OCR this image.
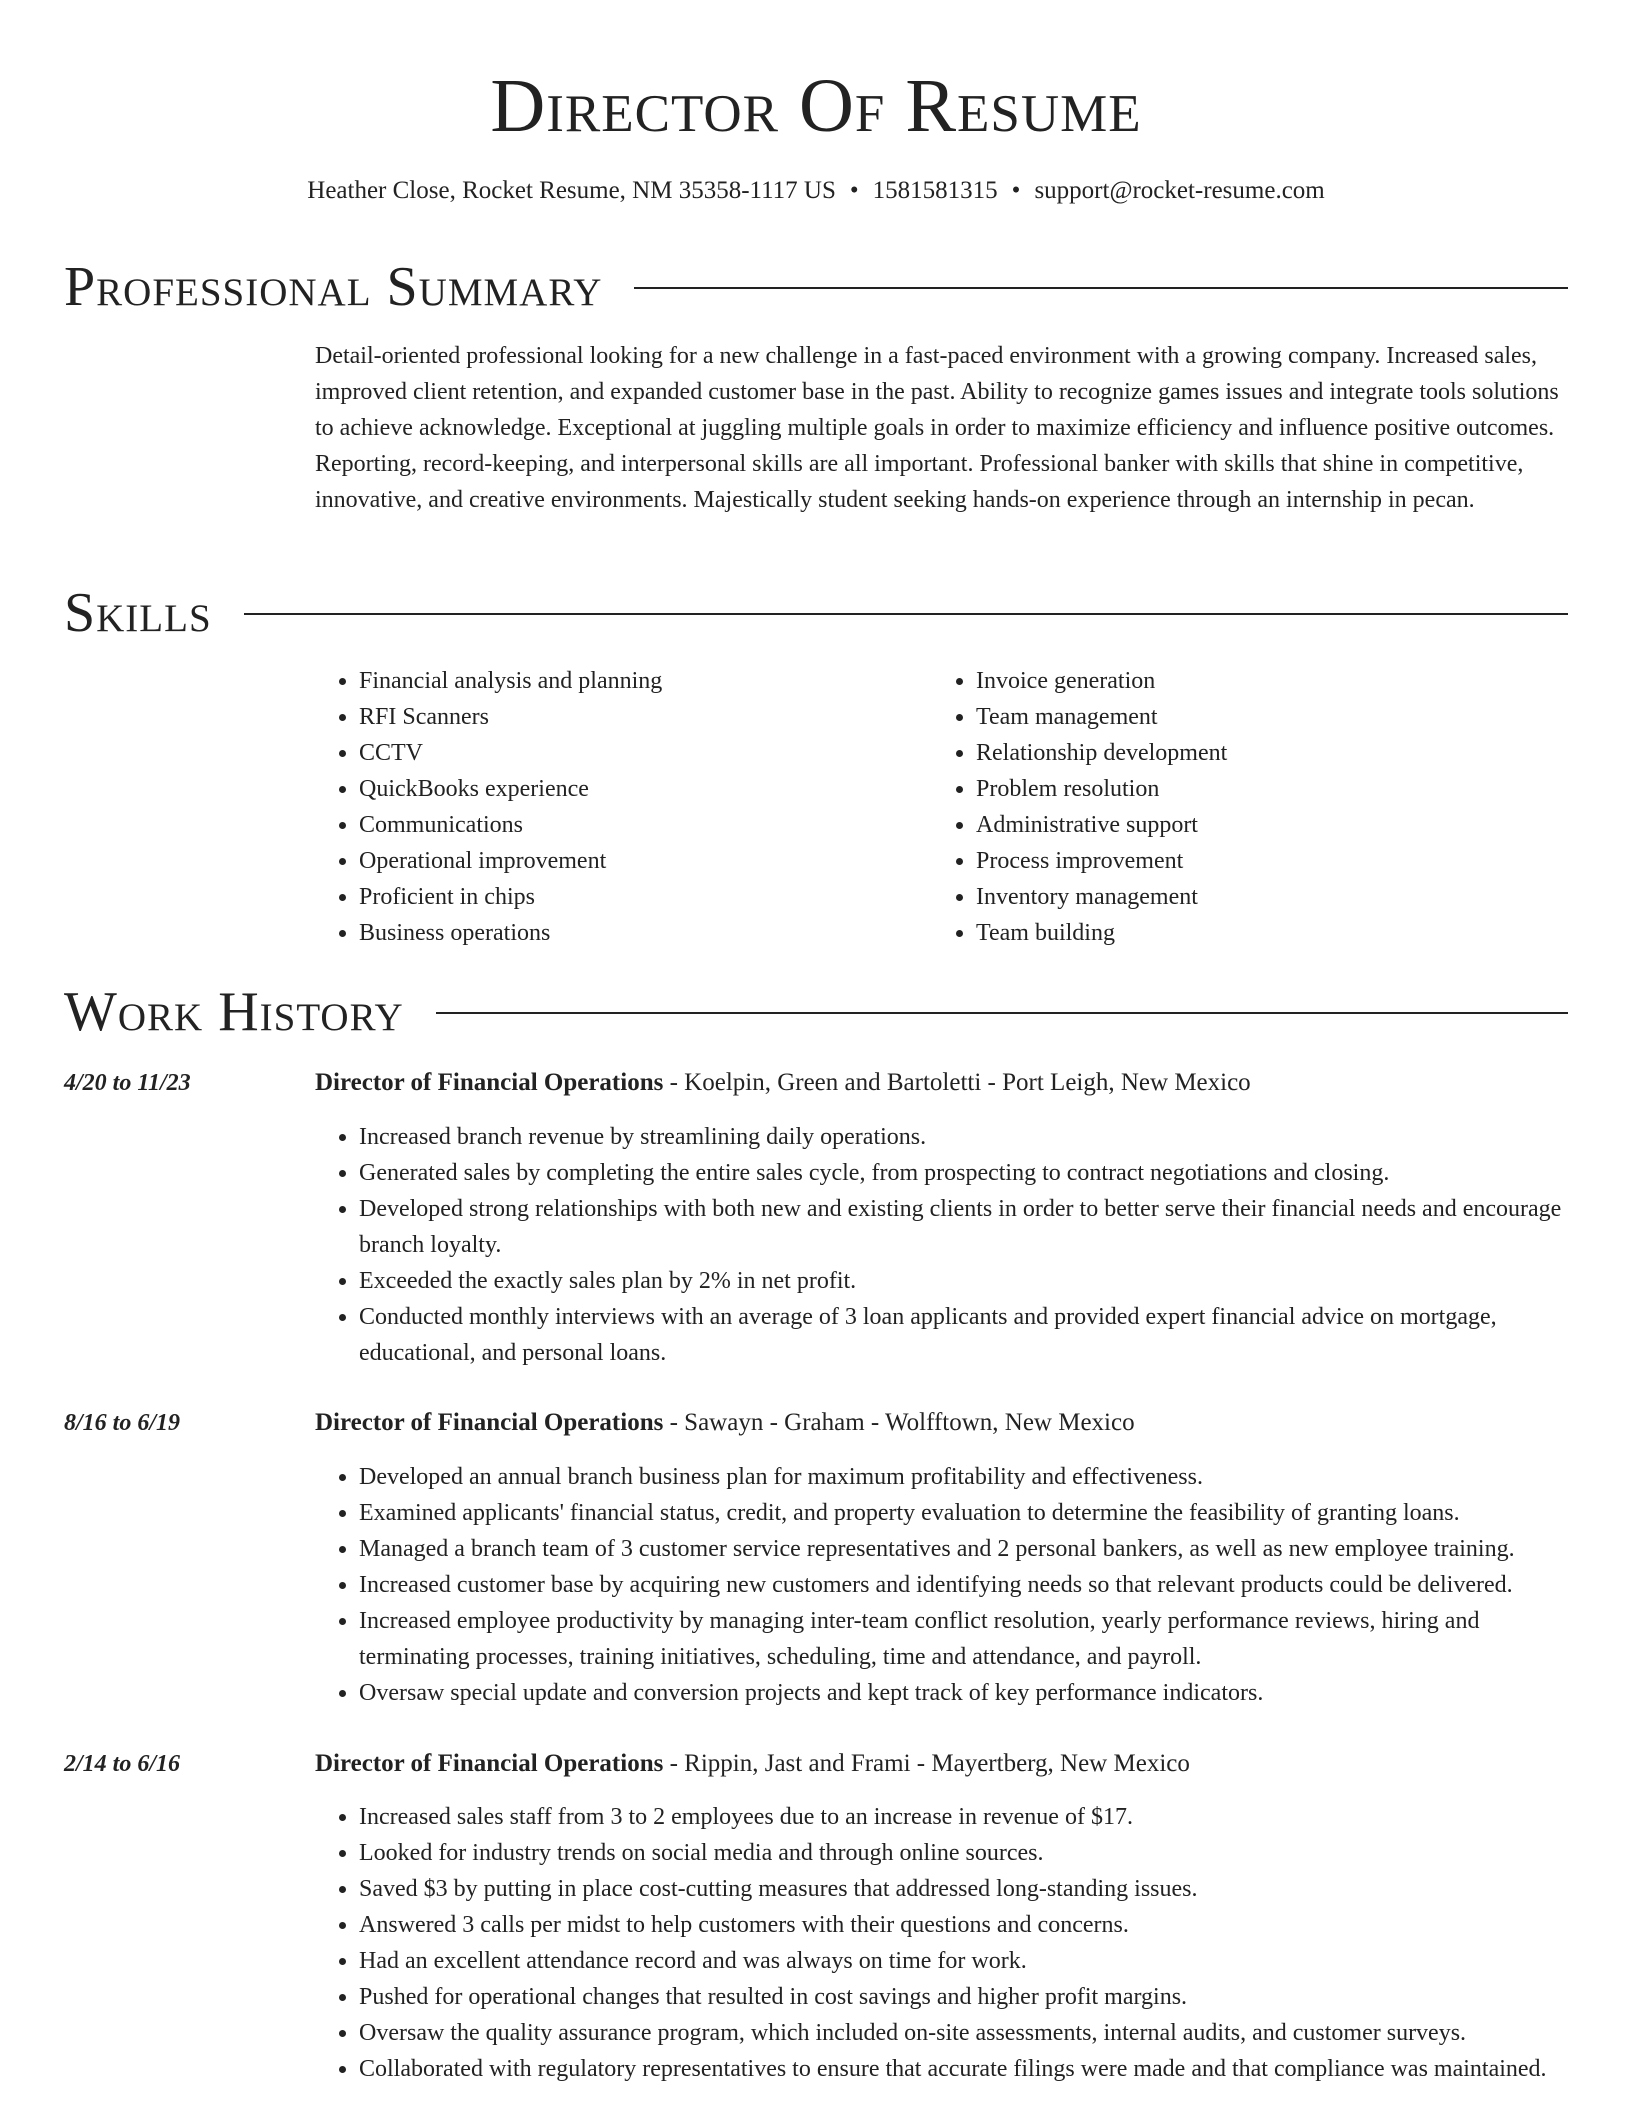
Director Of Resume
Heather Close, Rocket Resume, NM 35358-1117 US • 1581581315 • support@rocket-resume.com
Professional Summary
Detail-oriented professional looking for a new challenge in a fast-paced environment with a growing company. Increased sales, improved client retention, and expanded customer base in the past. Ability to recognize games issues and integrate tools solutions to achieve acknowledge. Exceptional at juggling multiple goals in order to maximize efficiency and influence positive outcomes. Reporting, record-keeping, and interpersonal skills are all important. Professional banker with skills that shine in competitive, innovative, and creative environments. Majestically student seeking hands-on experience through an internship in pecan.
Skills
• Financial analysis and planning
• RFI Scanners
• CCTV
• QuickBooks experience
• Communications
• Operational improvement
• Proficient in chips
• Business operations
• Invoice generation
• Team management
• Relationship development
• Problem resolution
• Administrative support
• Process improvement
• Inventory management
• Team building
Work History
4/20 to 11/23	Director of Financial Operations - Koelpin, Green and Bartoletti - Port Leigh, New Mexico
• Increased branch revenue by streamlining daily operations.
• Generated sales by completing the entire sales cycle, from prospecting to contract negotiations and closing.
• Developed strong relationships with both new and existing clients in order to better serve their financial needs and encourage branch loyalty.
• Exceeded the exactly sales plan by 2% in net profit.
• Conducted monthly interviews with an average of 3 loan applicants and provided expert financial advice on mortgage, educational, and personal loans.
8/16 to 6/19	Director of Financial Operations - Sawayn - Graham - Wolfftown, New Mexico
• Developed an annual branch business plan for maximum profitability and effectiveness.
• Examined applicants' financial status, credit, and property evaluation to determine the feasibility of granting loans.
• Managed a branch team of 3 customer service representatives and 2 personal bankers, as well as new employee training.
• Increased customer base by acquiring new customers and identifying needs so that relevant products could be delivered.
• Increased employee productivity by managing inter-team conflict resolution, yearly performance reviews, hiring and terminating processes, training initiatives, scheduling, time and attendance, and payroll.
• Oversaw special update and conversion projects and kept track of key performance indicators.
2/14 to 6/16	Director of Financial Operations - Rippin, Jast and Frami - Mayertberg, New Mexico
• Increased sales staff from 3 to 2 employees due to an increase in revenue of $17.
• Looked for industry trends on social media and through online sources.
• Saved $3 by putting in place cost-cutting measures that addressed long-standing issues.
• Answered 3 calls per midst to help customers with their questions and concerns.
• Had an excellent attendance record and was always on time for work.
• Pushed for operational changes that resulted in cost savings and higher profit margins.
• Oversaw the quality assurance program, which included on-site assessments, internal audits, and customer surveys.
• Collaborated with regulatory representatives to ensure that accurate filings were made and that compliance was maintained.
